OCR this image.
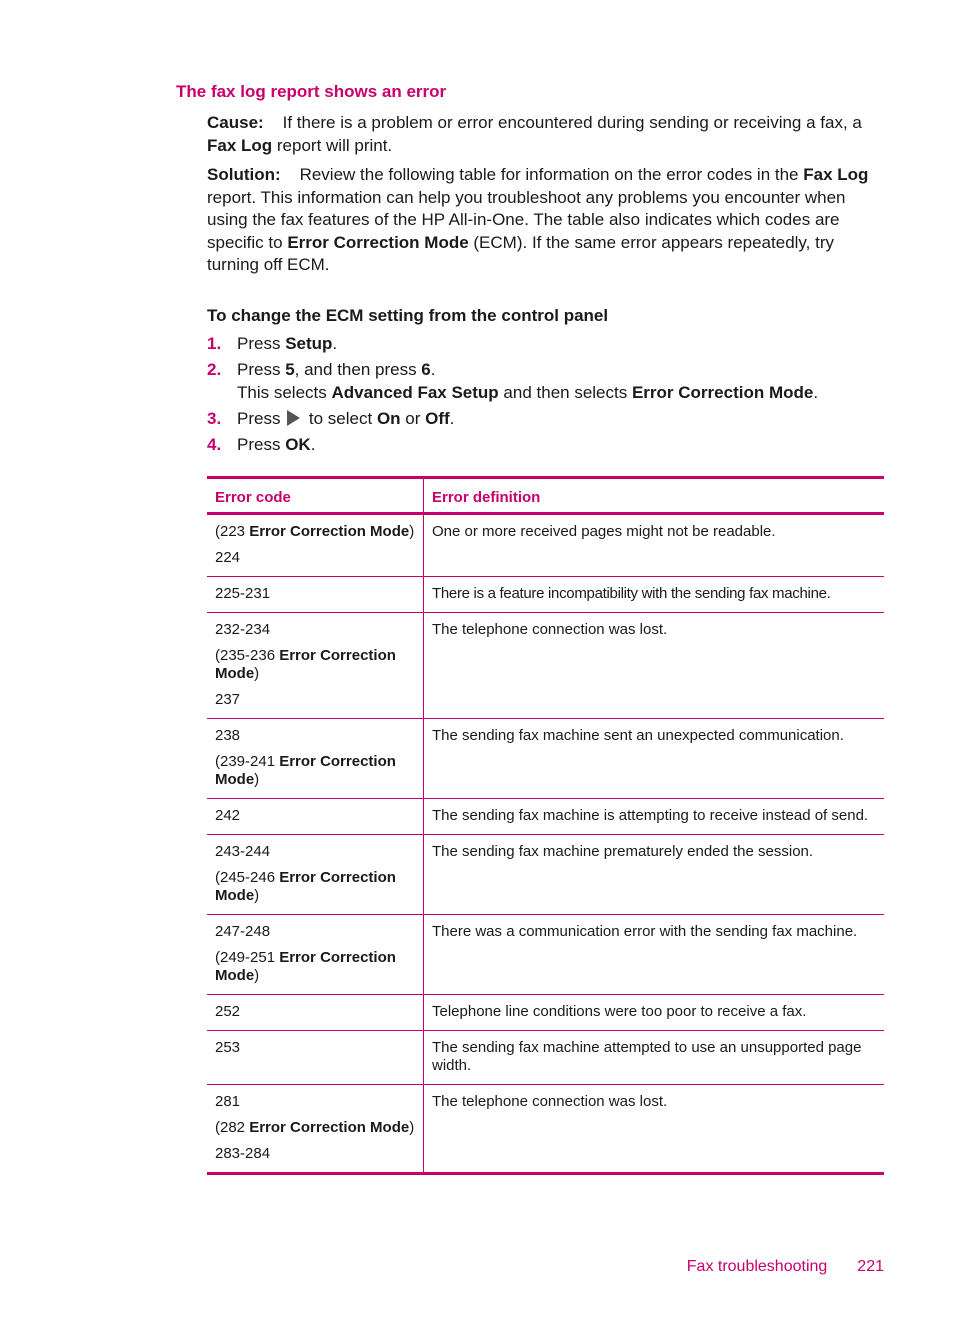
The fax log report shows an error
Cause: If there is a problem or error encountered during sending or receiving a fax, a Fax Log report will print.
Solution: Review the following table for information on the error codes in the Fax Log report. This information can help you troubleshoot any problems you encounter when using the fax features of the HP All-in-One. The table also indicates which codes are specific to Error Correction Mode (ECM). If the same error appears repeatedly, try turning off ECM.
To change the ECM setting from the control panel
1. Press Setup.
2. Press 5, and then press 6.
This selects Advanced Fax Setup and then selects Error Correction Mode.
3. Press  to select On or Off.
4. Press OK.
Error code	Error definition

(223 Error Correction Mode)
224	One or more received pages might not be readable.

225-231	There is a feature incompatibility with the sending fax machine.

232-234
(235-236 Error Correction Mode)
237	The telephone connection was lost.

238
(239-241 Error Correction Mode)	The sending fax machine sent an unexpected communication.

242	The sending fax machine is attempting to receive instead of send.

243-244
(245-246 Error Correction Mode)	The sending fax machine prematurely ended the session.

247-248
(249-251 Error Correction Mode)	There was a communication error with the sending fax machine.

252	Telephone line conditions were too poor to receive a fax.

253	The sending fax machine attempted to use an unsupported page width.

281
(282 Error Correction Mode)
283-284	The telephone connection was lost.
Fax troubleshooting 221
